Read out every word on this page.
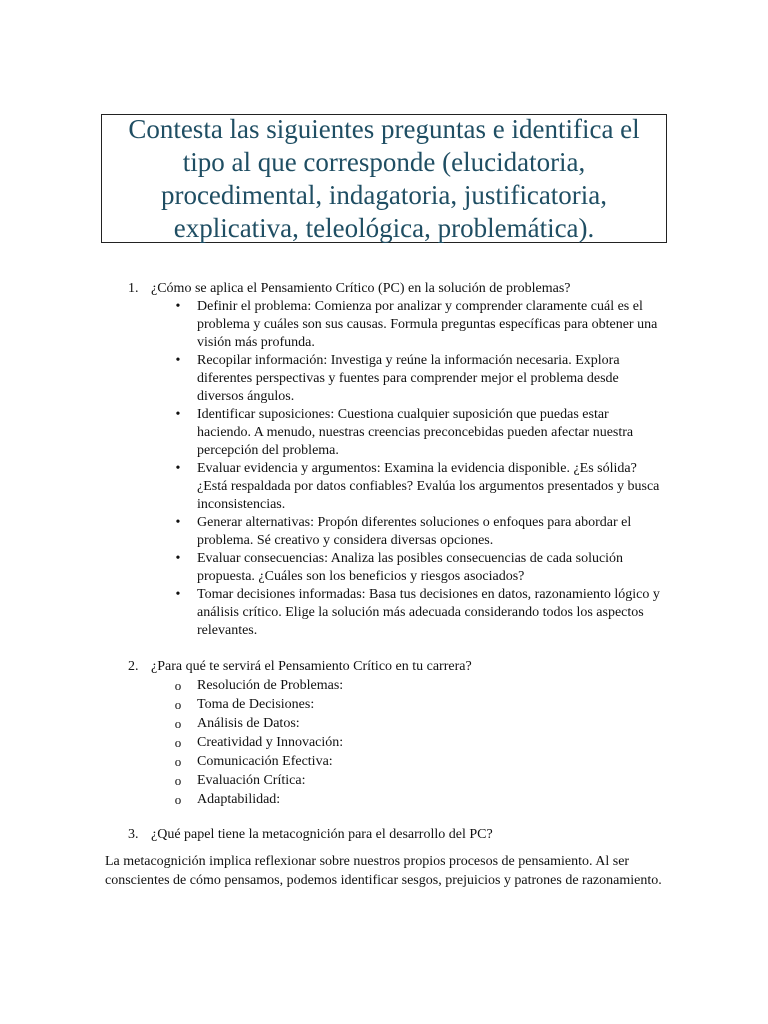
Contesta las siguientes preguntas e identifica el tipo al que corresponde (elucidatoria, procedimental, indagatoria, justificatoria, explicativa, teleológica, problemática).
1. ¿Cómo se aplica el Pensamiento Crítico (PC) en la solución de problemas?
• Definir el problema: Comienza por analizar y comprender claramente cuál es el problema y cuáles son sus causas. Formula preguntas específicas para obtener una visión más profunda.
• Recopilar información: Investiga y reúne la información necesaria. Explora diferentes perspectivas y fuentes para comprender mejor el problema desde diversos ángulos.
• Identificar suposiciones: Cuestiona cualquier suposición que puedas estar haciendo. A menudo, nuestras creencias preconcebidas pueden afectar nuestra percepción del problema.
• Evaluar evidencia y argumentos: Examina la evidencia disponible. ¿Es sólida? ¿Está respaldada por datos confiables? Evalúa los argumentos presentados y busca inconsistencias.
• Generar alternativas: Propón diferentes soluciones o enfoques para abordar el problema. Sé creativo y considera diversas opciones.
• Evaluar consecuencias: Analiza las posibles consecuencias de cada solución propuesta. ¿Cuáles son los beneficios y riesgos asociados?
• Tomar decisiones informadas: Basa tus decisiones en datos, razonamiento lógico y análisis crítico. Elige la solución más adecuada considerando todos los aspectos relevantes.
2. ¿Para qué te servirá el Pensamiento Crítico en tu carrera?
o Resolución de Problemas:
o Toma de Decisiones:
o Análisis de Datos:
o Creatividad y Innovación:
o Comunicación Efectiva:
o Evaluación Crítica:
o Adaptabilidad:
3. ¿Qué papel tiene la metacognición para el desarrollo del PC?

La metacognición implica reflexionar sobre nuestros propios procesos de pensamiento. Al ser conscientes de cómo pensamos, podemos identificar sesgos, prejuicios y patrones de razonamiento.
